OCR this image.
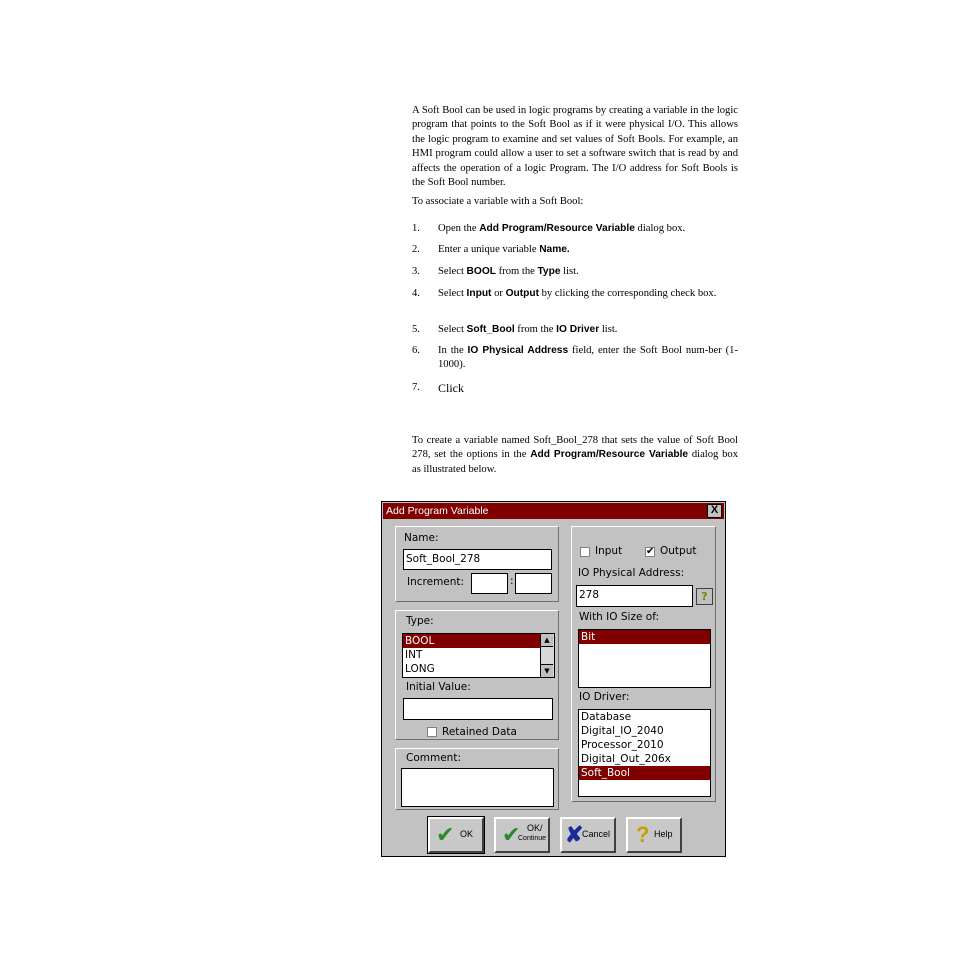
A Soft Bool can be used in logic programs by creating a variable in the logic program that points to the Soft Bool as if it were physical I/O. This allows the logic program to examine and set values of Soft Bools. For example, an HMI program could allow a user to set a software switch that is read by and affects the operation of a logic Program. The I/O address for Soft Bools is the Soft Bool number.

To associate a variable with a Soft Bool:

1. Open the Add Program/Resource Variable dialog box.
2. Enter a unique variable Name.
3. Select BOOL from the Type list.
4. Select Input or Output by clicking the corresponding check box.
5. Select Soft_Bool from the IO Driver list.
6. In the IO Physical Address field, enter the Soft Bool num-ber (1-1000).
7. Click

To create a variable named Soft_Bool_278 that sets the value of Soft Bool 278, set the options in the Add Program/Resource Variable dialog box as illustrated below.

Add Program Variable	X
Name:
Soft_Bool_278
Increment:	:
Type:
BOOL
INT
LONG
▲
▼
Initial Value:
Retained Data
Comment:
Input ✔ Output
IO Physical Address:
278	?
With IO Size of:
Bit
IO Driver:
Database
Digital_IO_2040
Processor_2010
Digital_Out_206x
Soft_Bool
✔ OK ✔ OK/
Continue ✘
Cancel ? Help
